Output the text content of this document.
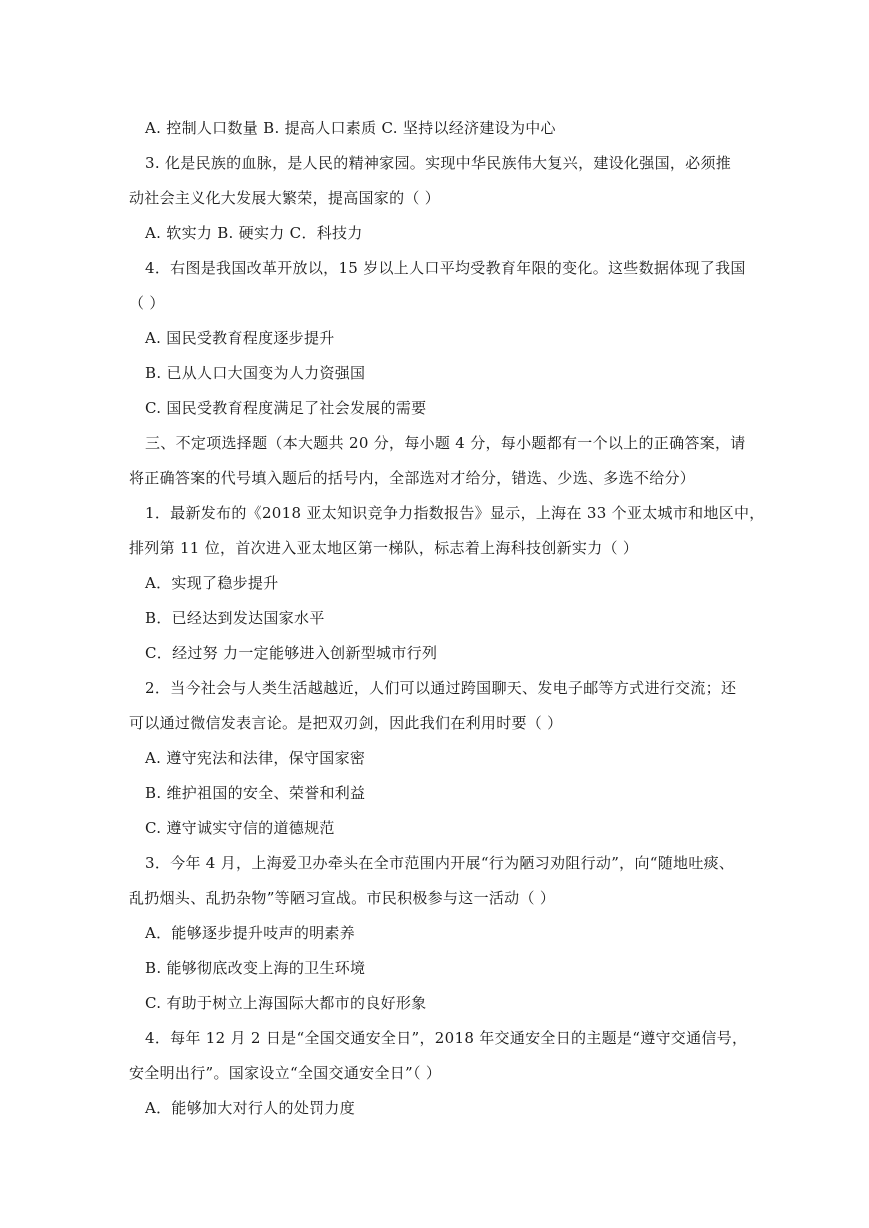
A. 控制人口数量 B. 提高人口素质 C. 坚持以经济建设为中心
3. 化是民族的血脉，是人民的精神家园。实现中华民族伟大复兴，建设化强国，必须推
动社会主义化大发展大繁荣，提高国家的（ ）
A. 软实力 B. 硬实力 C．科技力
4．右图是我国改革开放以，15 岁以上人口平均受教育年限的变化。这些数据体现了我国
（ ）
A. 国民受教育程度逐步提升
B. 已从人口大国变为人力资强国
C. 国民受教育程度满足了社会发展的需要
三、不定项选择题（本大题共 20 分，每小题 4 分，每小题都有一个以上的正确答案，请
将正确答案的代号填入题后的括号内，全部选对才给分，错选、少选、多选不给分）
1．最新发布的《2018 亚太知识竞争力指数报告》显示，上海在 33 个亚太城市和地区中，
排列第 11 位，首次进入亚太地区第一梯队，标志着上海科技创新实力（ ）
A．实现了稳步提升
B．已经达到发达国家水平
C．经过努 力一定能够进入创新型城市行列
2．当今社会与人类生活越越近，人们可以通过跨国聊天、发电子邮等方式进行交流；还
可以通过微信发表言论。是把双刃剑，因此我们在利用时要（ ）
A. 遵守宪法和法律，保守国家密
B. 维护祖国的安全、荣誉和利益
C. 遵守诚实守信的道德规范
3．今年 4 月，上海爱卫办牵头在全市范围内开展“行为陋习劝阻行动”，向“随地吐痰、
乱扔烟头、乱扔杂物”等陋习宣战。市民积极参与这一活动（ ）
A．能够逐步提升吱声的明素养
B. 能够彻底改变上海的卫生环境
C. 有助于树立上海国际大都市的良好形象
4．每年 12 月 2 日是“全国交通安全日”，2018 年交通安全日的主题是“遵守交通信号，
安全明出行”。国家设立“全国交通安全日”（ ）
A．能够加大对行人的处罚力度
